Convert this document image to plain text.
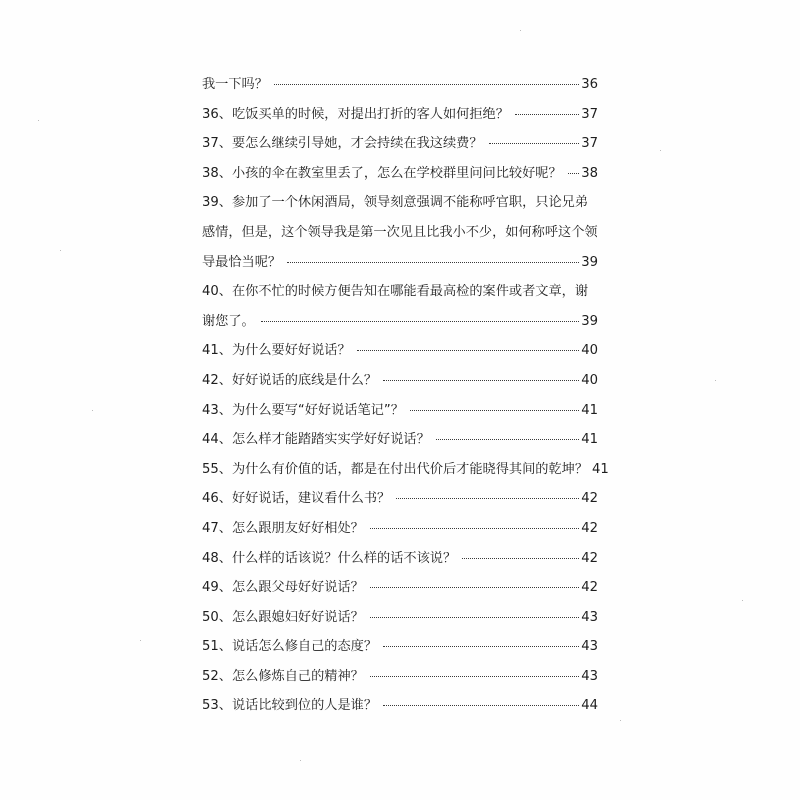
我一下吗？	36
36、吃饭买单的时候，对提出打折的客人如何拒绝？	37
37、要怎么继续引导她，才会持续在我这续费？	37
38、小孩的伞在教室里丢了，怎么在学校群里问问比较好呢？ 38
39、参加了一个休闲酒局，领导刻意强调不能称呼官职，只论兄弟
感情，但是，这个领导我是第一次见且比我小不少，如何称呼这个领
导最恰当呢？	39
40、在你不忙的时候方便告知在哪能看最高检的案件或者文章，谢
谢您了。	39
41、为什么要好好说话？	40
42、好好说话的底线是什么？	40
43、为什么要写“好好说话笔记”？	41
44、怎么样才能踏踏实实学好好说话？	41
55、为什么有价值的话，都是在付出代价后才能晓得其间的乾坤？ 41
46、好好说话，建议看什么书？	42
47、怎么跟朋友好好相处？	42
48、什么样的话该说？什么样的话不该说？	42
49、怎么跟父母好好说话？	42
50、怎么跟媳妇好好说话？	43
51、说话怎么修自己的态度？	43
52、怎么修炼自己的精神？	43
53、说话比较到位的人是谁？	44
